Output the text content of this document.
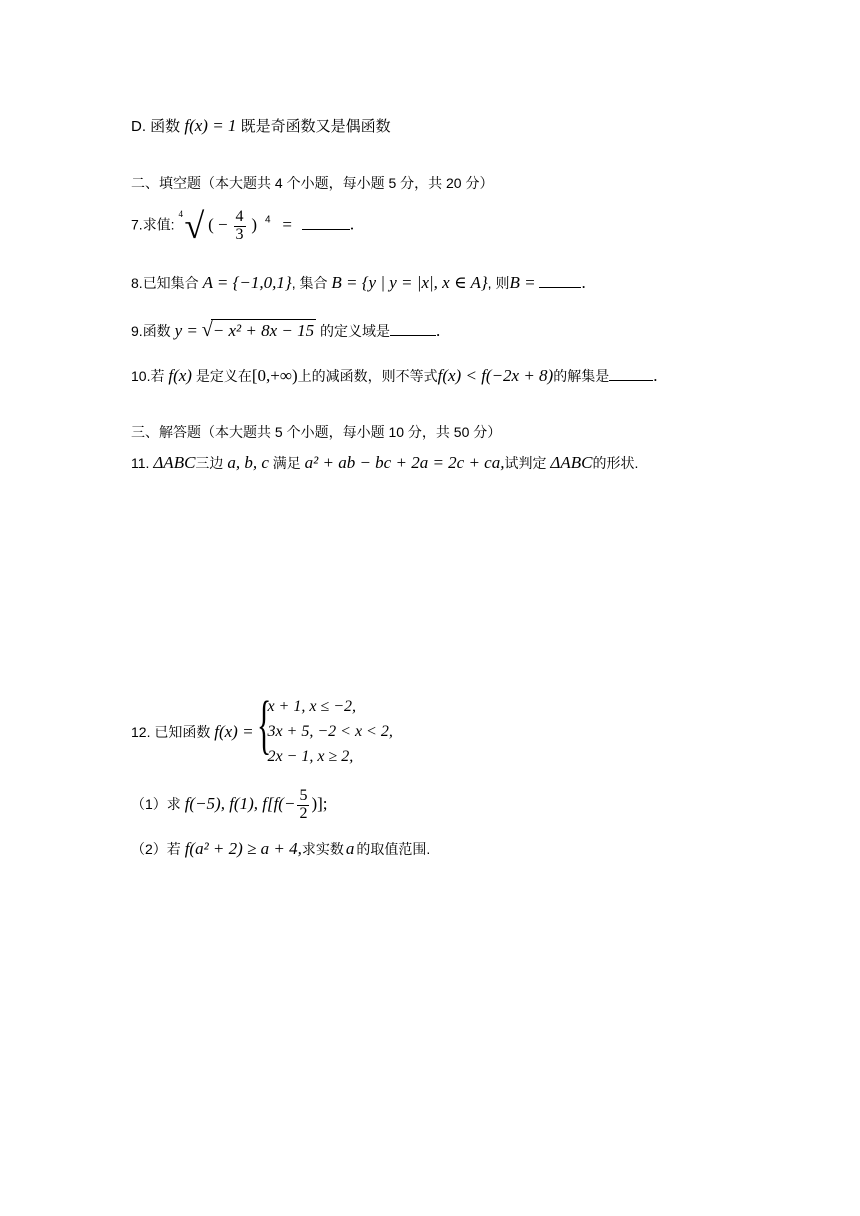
D. 函数 f(x) = 1 既是奇函数又是偶函数
二、填空题（本大题共 4 个小题，每小题 5 分，共 20 分）
7.求值:
4 √ ( − $\frac{4}{3}$ ) $^4$ =	.
8.已知集合 A = {−1,0,1}, 集合 B = {y | y = |x|, x ∈ A}, 则B =	.
9.函数 y = √− x² + 8x − 15 的定义域是	.
10.若 f(x) 是定义在[0,+∞)上的减函数，则不等式f(x) < f(−2x + 8)的解集是	.
三、解答题（本大题共 5 个小题，每小题 10 分，共 50 分）
11. ΔABC三边 a, b, c 满足 a² + ab − bc + 2a = 2c + ca,试判定 ΔABC的形状.
12. 已知函数 f(x) = {
x + 1, x ≤ −2,
3x + 5, −2 < x < 2,
2x − 1, x ≥ 2,
（1）求 f(−5), f(1), $f[f(- \frac{5}{2}$ )];
（2）若 f(a² + 2) ≥ a + 4,求实数 a 的取值范围.
